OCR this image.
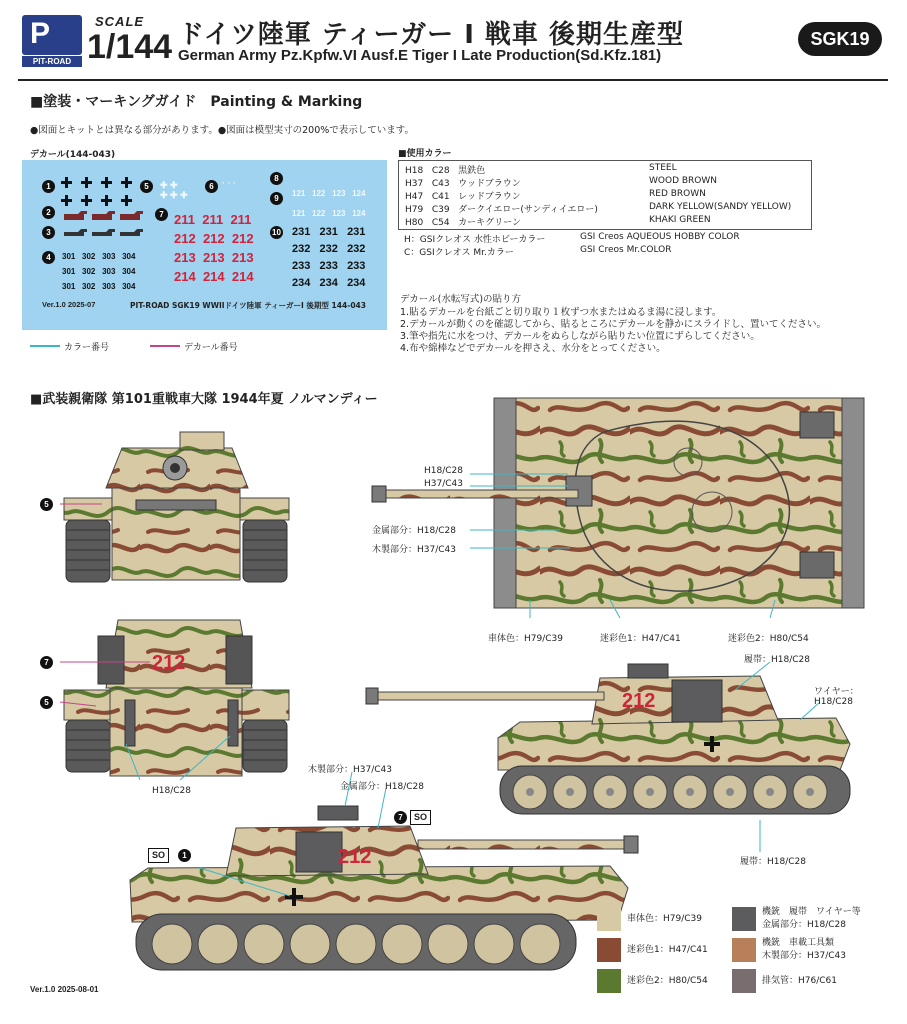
P
PIT-ROAD
SCALE
1/144 ドイツ陸軍 ティーガー I 戦車 後期生産型
German Army Pz.Kpfw.VI Ausf.E Tiger I Late Production(Sd.Kfz.181)
SGK19
■塗装・マーキングガイド　Painting & Marking
●図面とキットとは異なる部分があります。●図面は模型実寸の200%で表示しています。
デカール(144-043)
1
2
3
4
5	6
7
8
9
10
✚ ✚	· · ·
✚ ✚ ✚
211 211 211
212 212 212
213 213 213
214 214 214
121 122 123 124
121 122 123 124
231 231 231
232 232 232
233 233 233
234 234 234
301 302 303 304
301 302 303 304
301 302 303 304
Ver.1.0 2025-07	PIT-ROAD SGK19 WWIIドイツ陸軍 ティーガーI 後期型 144-043
カラー番号	デカール番号
■使用カラー
H18 C28 黒鉄色	STEEL
H37 C43 ウッドブラウン	WOOD BROWN
H47 C41 レッドブラウン	RED BROWN
H79 C39 ダークイエロー(サンディイエロー)	DARK YELLOW(SANDY YELLOW)
H80 C54 カーキグリーン	KHAKI GREEN
H：GSIクレオス 水性ホビーカラー	GSI Creos AQUEOUS HOBBY COLOR
C：GSIクレオス Mr.カラー	GSI Creos Mr.COLOR
デカール(水転写式)の貼り方
1.貼るデカールを台紙ごと切り取り１枚ずつ水またはぬるま湯に浸します。
2.デカールが動くのを確認してから、貼るところにデカールを静かにスライドし、置いてください。
3.筆や指先に水をつけ、デカールをぬらしながら貼りたい位置にずらしてください。
4.布や綿棒などでデカールを押さえ、水分をとってください。
■武装親衛隊 第101重戦車大隊 1944年夏 ノルマンディー
212
212
212
5
7
5
SO	1
7	SO
H18/C28
H37/C43
金属部分：H18/C28
木製部分：H37/C43
車体色：H79/C39	迷彩色1：H47/C41	迷彩色2：H80/C54
履帯：H18/C28
ワイヤー：
H18/C28
履帯：H18/C28
H18/C28
木製部分：H37/C43
金属部分：H18/C28
車体色：H79/C39
迷彩色1：H47/C41
迷彩色2：H80/C54
機銃　履帯　ワイヤー等
金属部分：H18/C28
機銃　車載工具類
木製部分：H37/C43
排気管：H76/C61
Ver.1.0 2025-08-01
